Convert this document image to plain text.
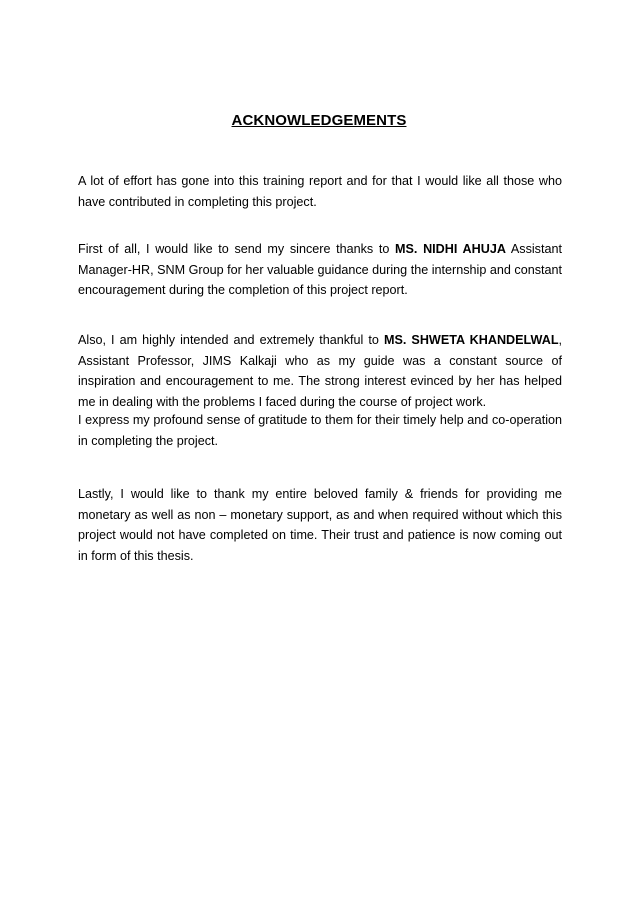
ACKNOWLEDGEMENTS

A lot of effort has gone into this training report and for that I would like all those who have contributed in completing this project.

First of all, I would like to send my sincere thanks to MS. NIDHI AHUJA Assistant Manager-HR, SNM Group for her valuable guidance during the internship and constant encouragement during the completion of this project report.

Also, I am highly intended and extremely thankful to MS. SHWETA KHANDELWAL, Assistant Professor, JIMS Kalkaji who as my guide was a constant source of inspiration and encouragement to me. The strong interest evinced by her has helped me in dealing with the problems I faced during the course of project work.

I express my profound sense of gratitude to them for their timely help and co-operation in completing the project.

Lastly, I would like to thank my entire beloved family & friends for providing me monetary as well as non – monetary support, as and when required without which this project would not have completed on time. Their trust and patience is now coming out in form of this thesis.
